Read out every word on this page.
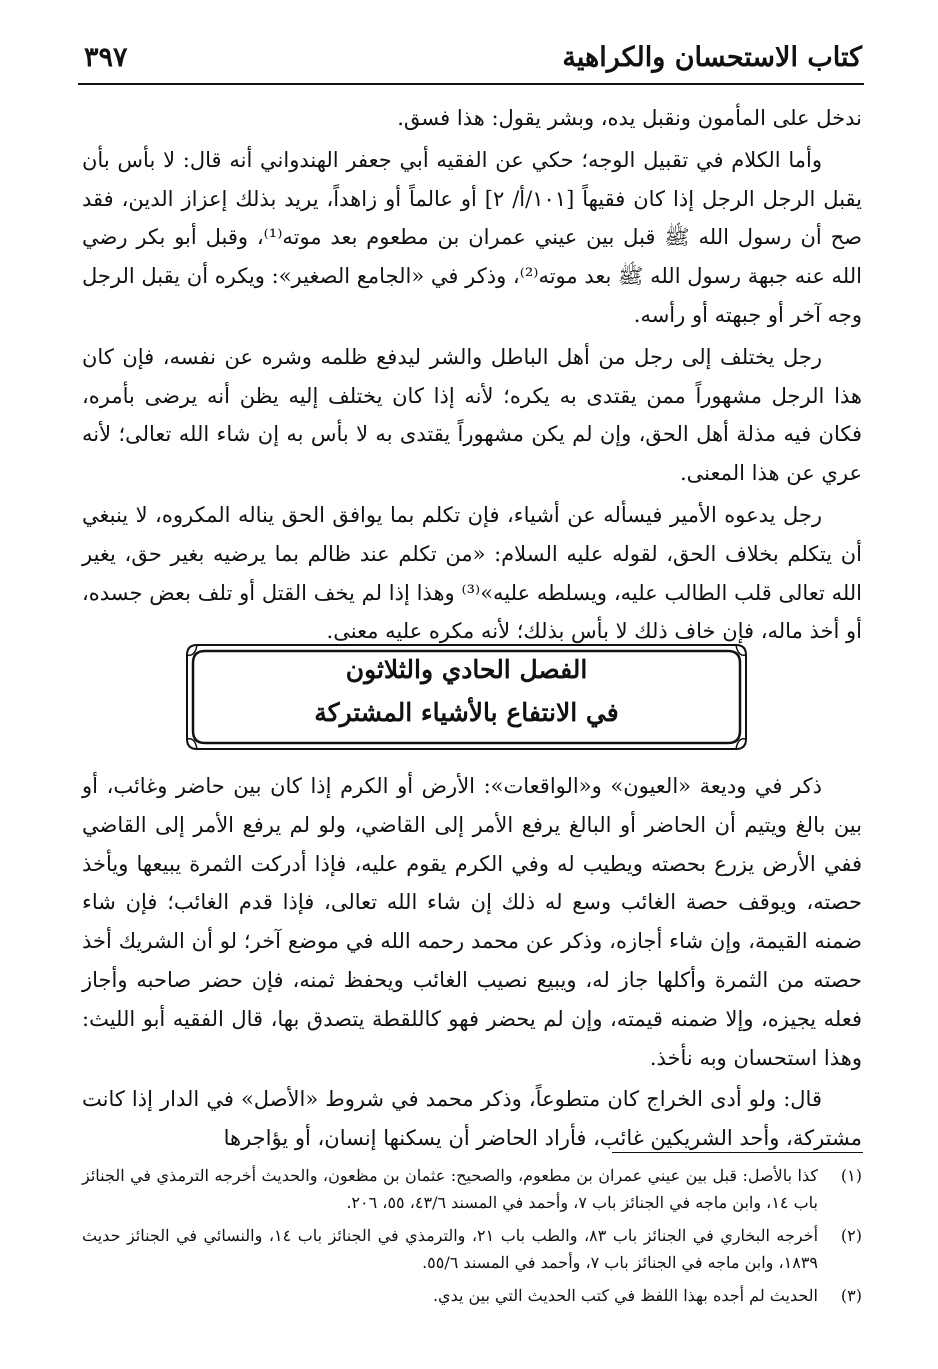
كتاب الاستحسان والكراهية
٣٩٧

ندخل على المأمون ونقبل يده، وبشر يقول: هذا فسق.

وأما الكلام في تقبيل الوجه؛ حكي عن الفقيه أبي جعفر الهندواني أنه قال: لا بأس بأن يقبل الرجل الرجل إذا كان فقيهاً [١٠١/أ/ ٢] أو عالماً أو زاهداً، يريد بذلك إعزاز الدين، فقد صح أن رسول الله ﷺ قبل بين عيني عمران بن مطعوم بعد موته⁽¹⁾، وقبل أبو بكر رضي الله عنه جبهة رسول الله ﷺ بعد موته⁽²⁾، وذكر في «الجامع الصغير»: ويكره أن يقبل الرجل وجه آخر أو جبهته أو رأسه.

رجل يختلف إلى رجل من أهل الباطل والشر ليدفع ظلمه وشره عن نفسه، فإن كان هذا الرجل مشهوراً ممن يقتدى به يكره؛ لأنه إذا كان يختلف إليه يظن أنه يرضى بأمره، فكان فيه مذلة أهل الحق، وإن لم يكن مشهوراً يقتدى به لا بأس به إن شاء الله تعالى؛ لأنه عري عن هذا المعنى.

رجل يدعوه الأمير فيسأله عن أشياء، فإن تكلم بما يوافق الحق يناله المكروه، لا ينبغي أن يتكلم بخلاف الحق، لقوله عليه السلام: «من تكلم عند ظالم بما يرضيه بغير حق، يغير الله تعالى قلب الطالب عليه، ويسلطه عليه»⁽³⁾ وهذا إذا لم يخف القتل أو تلف بعض جسده، أو أخذ ماله، فإن خاف ذلك لا بأس بذلك؛ لأنه مكره عليه معنى.

الفصل الحادي والثلاثون
في الانتفاع بالأشياء المشتركة

ذكر في وديعة «العيون» و«الواقعات»: الأرض أو الكرم إذا كان بين حاضر وغائب، أو بين بالغ ويتيم أن الحاضر أو البالغ يرفع الأمر إلى القاضي، ولو لم يرفع الأمر إلى القاضي ففي الأرض يزرع بحصته ويطيب له وفي الكرم يقوم عليه، فإذا أدركت الثمرة يبيعها ويأخذ حصته، ويوقف حصة الغائب وسع له ذلك إن شاء الله تعالى، فإذا قدم الغائب؛ فإن شاء ضمنه القيمة، وإن شاء أجازه، وذكر عن محمد رحمه الله في موضع آخر؛ لو أن الشريك أخذ حصته من الثمرة وأكلها جاز له، ويبيع نصيب الغائب ويحفظ ثمنه، فإن حضر صاحبه وأجاز فعله يجيزه، وإلا ضمنه قيمته، وإن لم يحضر فهو كاللقطة يتصدق بها، قال الفقيه أبو الليث: وهذا استحسان وبه نأخذ.

قال: ولو أدى الخراج كان متطوعاً، وذكر محمد في شروط «الأصل» في الدار إذا كانت مشتركة، وأحد الشريكين غائب، فأراد الحاضر أن يسكنها إنسان، أو يؤاجرها

(١)
كذا بالأصل: قبل بين عيني عمران بن مطعوم، والصحيح: عثمان بن مظعون، والحديث أخرجه الترمذي في الجنائز باب ١٤، وابن ماجه في الجنائز باب ٧، وأحمد في المسند ٤٣/٦، ٥٥، ٢٠٦.
(٢)
أخرجه البخاري في الجنائز باب ٨٣، والطب باب ٢١، والترمذي في الجنائز باب ١٤، والنسائي في الجنائز حديث ١٨٣٩، وابن ماجه في الجنائز باب ٧، وأحمد في المسند ٥٥/٦.
(٣)
الحديث لم أجده بهذا اللفظ في كتب الحديث التي بين يدي.
